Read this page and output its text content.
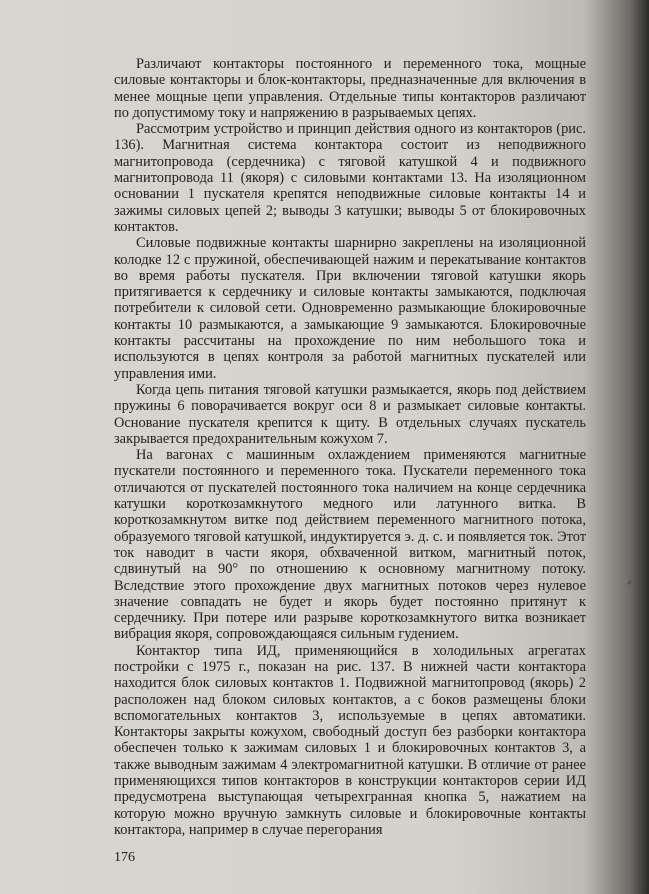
Различают контакторы постоянного и переменного тока, мощные силовые контакторы и блок-контакторы, предназначенные для включения в менее мощные цепи управления. Отдельные типы контакторов различают по допустимому току и напряжению в разрываемых цепях.

Рассмотрим устройство и принцип действия одного из контакторов (рис. 136). Магнитная система контактора состоит из неподвижного магнитопровода (сердечника) с тяговой катушкой 4 и подвижного магнитопровода 11 (якоря) с силовыми контактами 13. На изоляционном основании 1 пускателя крепятся неподвижные силовые контакты 14 и зажимы силовых цепей 2; выводы 3 катушки; выводы 5 от блокировочных контактов.

Силовые подвижные контакты шарнирно закреплены на изоляционной колодке 12 с пружиной, обеспечивающей нажим и перекатывание контактов во время работы пускателя. При включении тяговой катушки якорь притягивается к сердечнику и силовые контакты замыкаются, подключая потребители к силовой сети. Одновременно размыкающие блокировочные контакты 10 размыкаются, а замыкающие 9 замыкаются. Блокировочные контакты рассчитаны на прохождение по ним небольшого тока и используются в цепях контроля за работой магнитных пускателей или управления ими.

Когда цепь питания тяговой катушки размыкается, якорь под действием пружины 6 поворачивается вокруг оси 8 и размыкает силовые контакты. Основание пускателя крепится к щиту. В отдельных случаях пускатель закрывается предохранительным кожухом 7.

На вагонах с машинным охлаждением применяются магнитные пускатели постоянного и переменного тока. Пускатели переменного тока отличаются от пускателей постоянного тока наличием на конце сердечника катушки короткозамкнутого медного или латунного витка. В короткозамкнутом витке под действием переменного магнитного потока, образуемого тяговой катушкой, индуктируется э. д. с. и появляется ток. Этот ток наводит в части якоря, обхваченной витком, магнитный поток, сдвинутый на 90° по отношению к основному магнитному потоку. Вследствие этого прохождение двух магнитных потоков через нулевое значение совпадать не будет и якорь будет постоянно притянут к сердечнику. При потере или разрыве короткозамкнутого витка возникает вибрация якоря, сопровождающаяся сильным гудением.

Контактор типа ИД, применяющийся в холодильных агрегатах постройки с 1975 г., показан на рис. 137. В нижней части контактора находится блок силовых контактов 1. Подвижной магнитопровод (якорь) 2 расположен над блоком силовых контактов, а с боков размещены блоки вспомогательных контактов 3, используемые в цепях автоматики. Контакторы закрыты кожухом, свободный доступ без разборки контактора обеспечен только к зажимам силовых 1 и блокировочных контактов 3, а также выводным зажимам 4 электромагнитной катушки. В отличие от ранее применяющихся типов контакторов в конструкции контакторов серии ИД предусмотрена выступающая четырехгранная кнопка 5, нажатием на которую можно вручную замкнуть силовые и блокировочные контакты контактора, например в случае перегорания

176
